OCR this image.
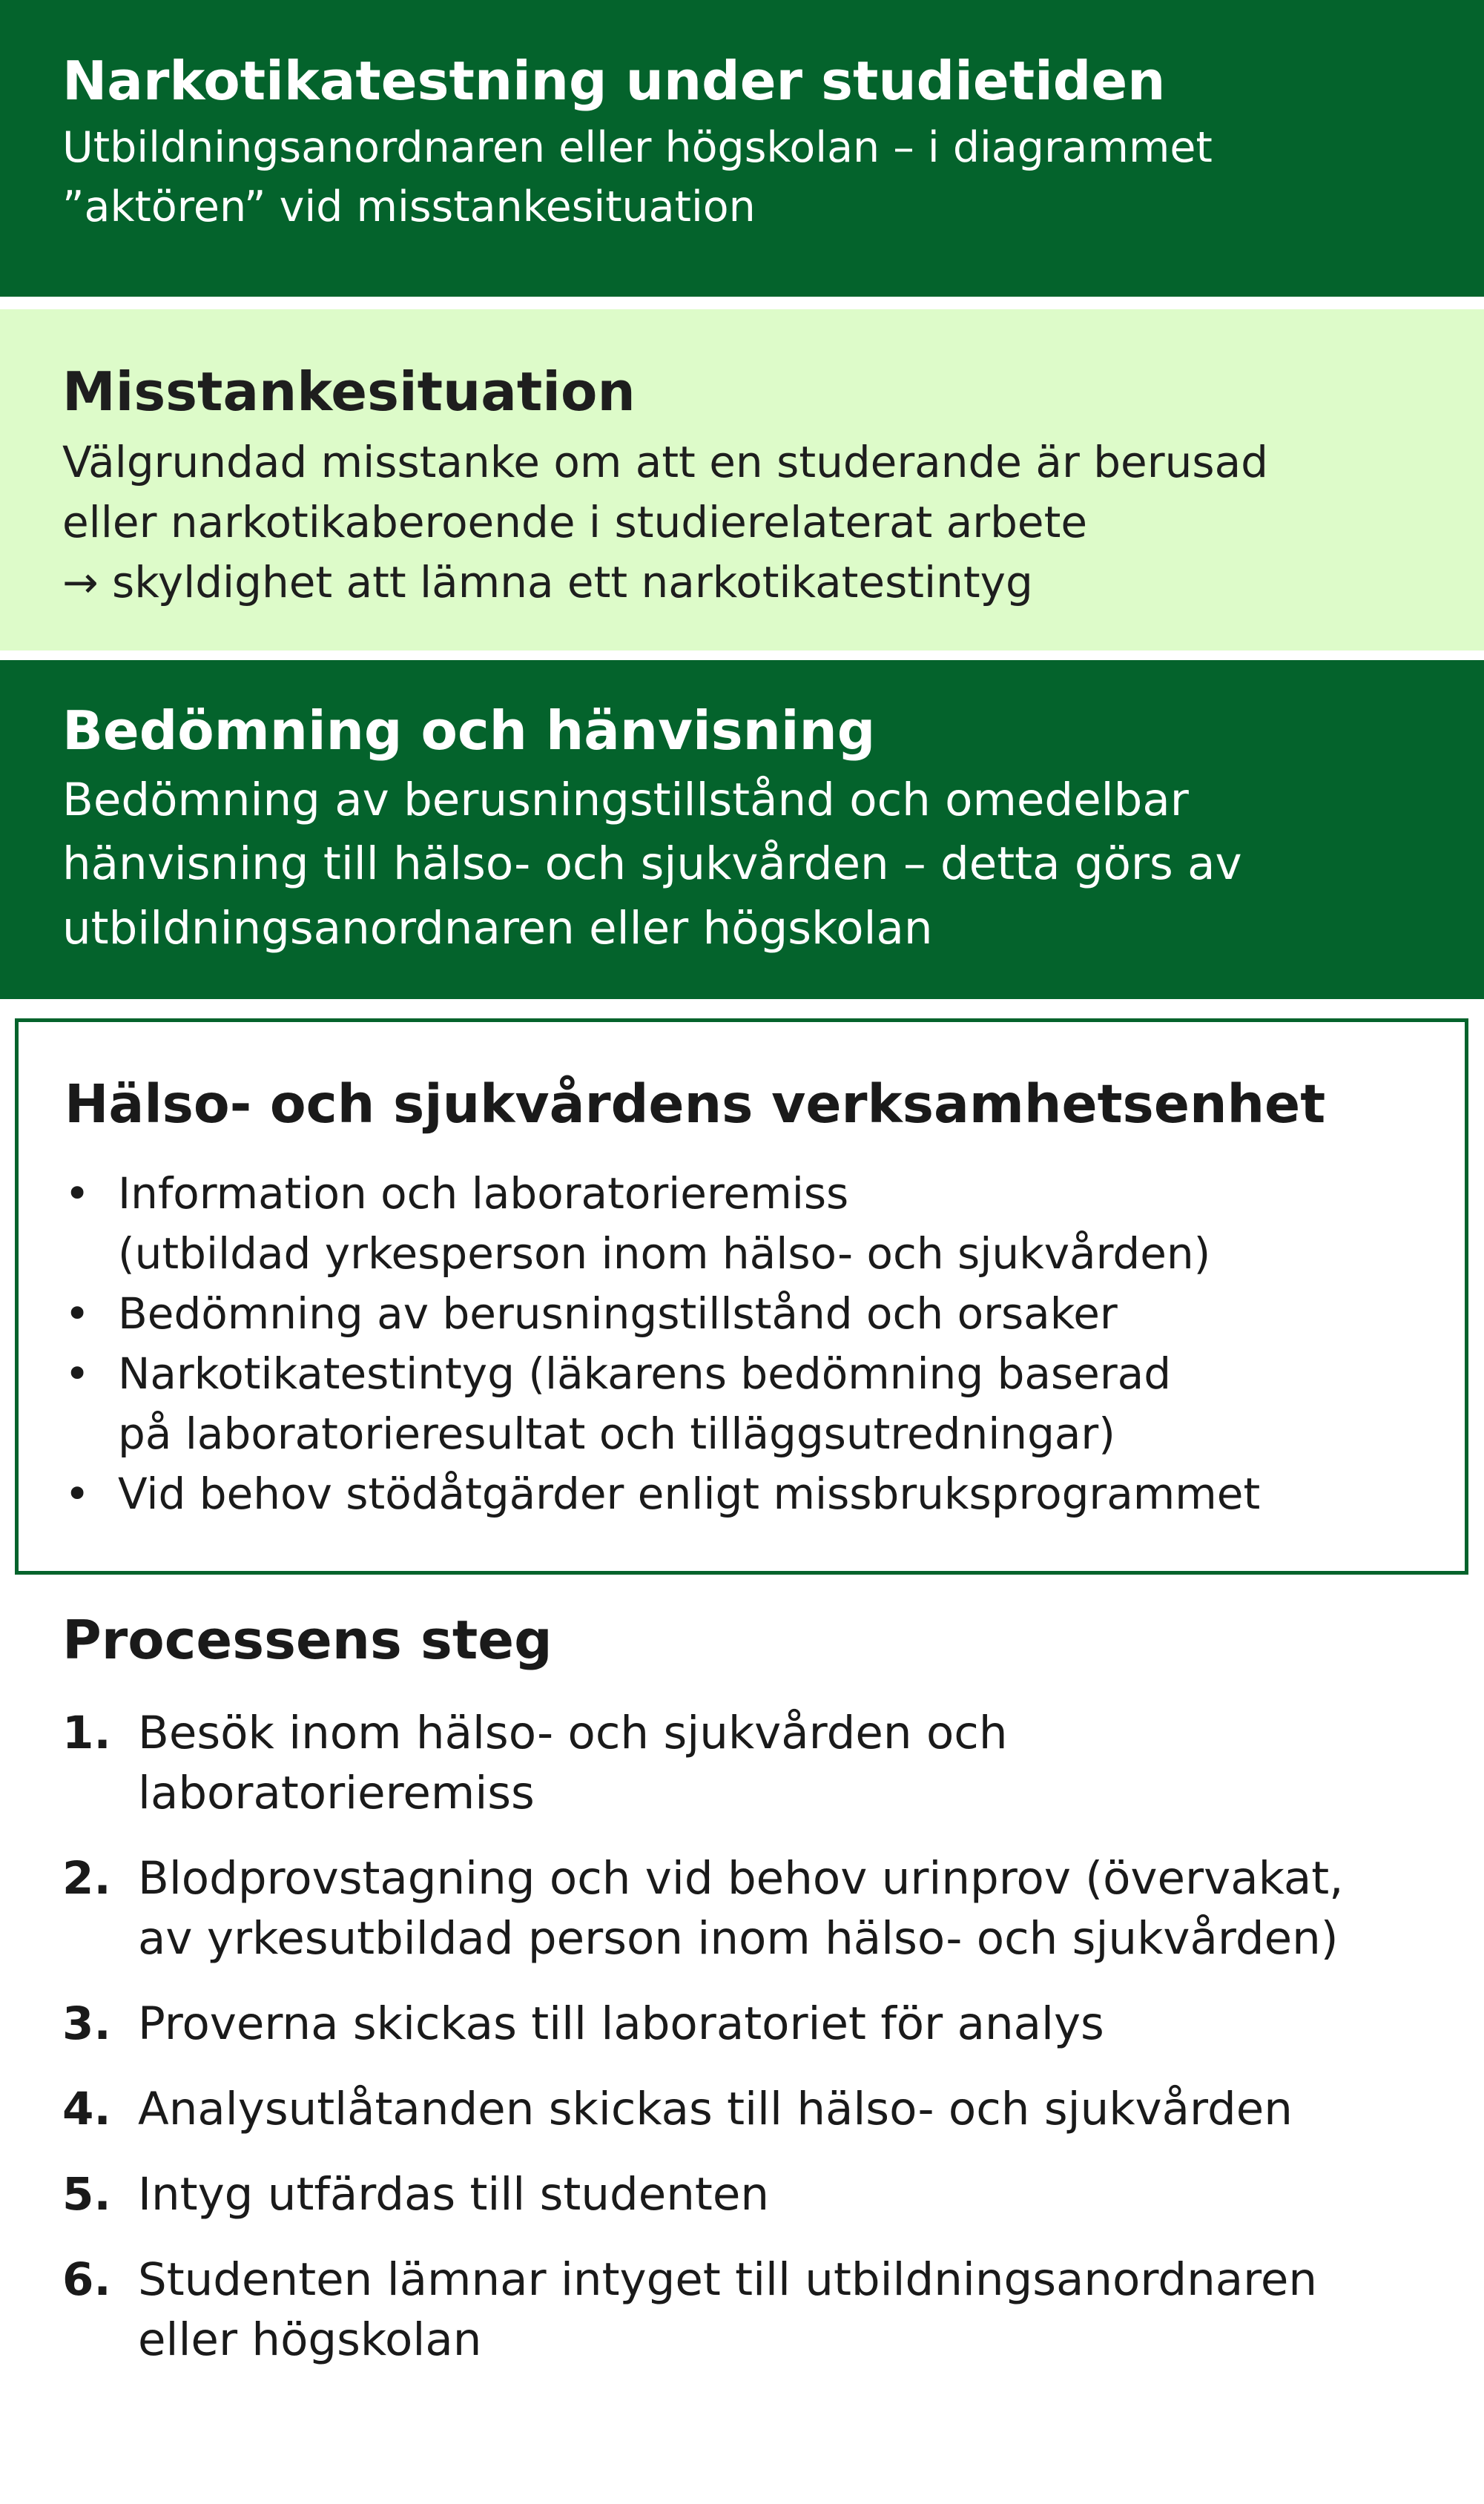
Narkotikatestning under studietiden

Utbildningsanordnaren eller högskolan – i diagrammet

”aktören” vid misstankesituation

Misstankesituation

Välgrundad misstanke om att en studerande är berusad

eller narkotikaberoende i studierelaterat arbete

→ skyldighet att lämna ett narkotikatestintyg

Bedömning och hänvisning

Bedömning av berusningstillstånd och omedelbar

hänvisning till hälso- och sjukvården – detta görs av

utbildningsanordnaren eller högskolan

Hälso- och sjukvårdens verksamhetsenhet
• Information och laboratorieremiss
(utbildad yrkesperson inom hälso- och sjukvården)
• Bedömning av berusningstillstånd och orsaker
• Narkotikatestintyg (läkarens bedömning baserad
på laboratorieresultat och tilläggsutredningar)
• Vid behov stödåtgärder enligt missbruksprogrammet
Processens steg
1. Besök inom hälso- och sjukvården och
laboratorieremiss
2. Blodprovstagning och vid behov urinprov (övervakat,
av yrkesutbildad person inom hälso- och sjukvården)
3. Proverna skickas till laboratoriet för analys
4. Analysutlåtanden skickas till hälso- och sjukvården
5. Intyg utfärdas till studenten
6. Studenten lämnar intyget till utbildningsanordnaren
eller högskolan
